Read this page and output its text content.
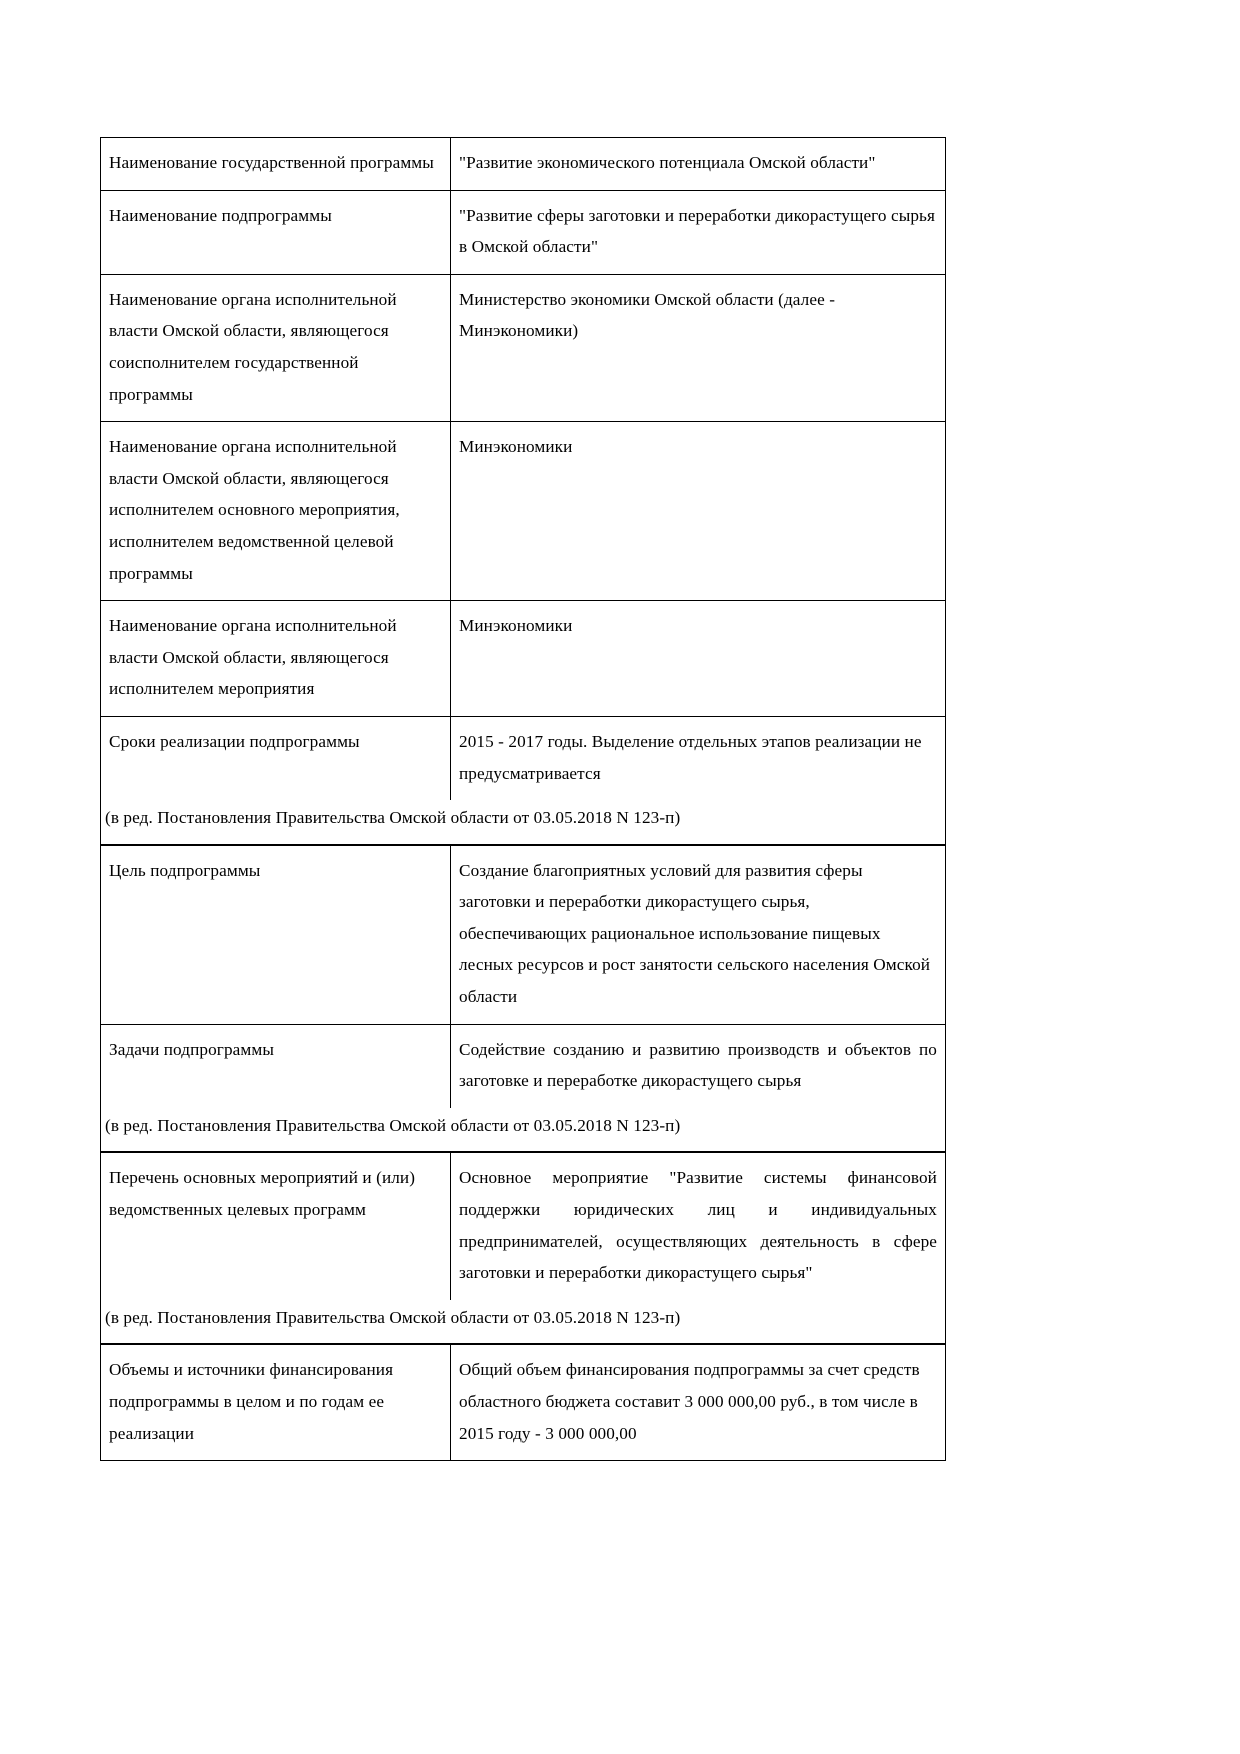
Наименование государственной программы	"Развитие экономического потенциала Омской области"
Наименование подпрограммы	"Развитие сферы заготовки и переработки дикорастущего сырья в Омской области"
Наименование органа исполнительной власти Омской области, являющегося соисполнителем государственной программы	Министерство экономики Омской области (далее - Минэкономики)
Наименование органа исполнительной власти Омской области, являющегося исполнителем основного мероприятия, исполнителем ведомственной целевой программы	Минэкономики
Наименование органа исполнительной власти Омской области, являющегося исполнителем мероприятия	Минэкономики
Сроки реализации подпрограммы	2015 - 2017 годы. Выделение отдельных этапов реализации не предусматривается
(в ред. Постановления Правительства Омской области от 03.05.2018 N 123-п)	
Цель подпрограммы	Создание благоприятных условий для развития сферы заготовки и переработки дикорастущего сырья, обеспечивающих рациональное использование пищевых лесных ресурсов и рост занятости сельского населения Омской области
Задачи подпрограммы	Содействие созданию и развитию производств и объектов по заготовке и переработке дикорастущего сырья
(в ред. Постановления Правительства Омской области от 03.05.2018 N 123-п)	
Перечень основных мероприятий и (или) ведомственных целевых программ	Основное мероприятие "Развитие системы финансовой поддержки юридических лиц и индивидуальных предпринимателей, осуществляющих деятельность в сфере заготовки и переработки дикорастущего сырья"
(в ред. Постановления Правительства Омской области от 03.05.2018 N 123-п)	
Объемы и источники финансирования подпрограммы в целом и по годам ее реализации	Общий объем финансирования подпрограммы за счет средств областного бюджета составит 3 000 000,00 руб., в том числе в 2015 году - 3 000 000,00
